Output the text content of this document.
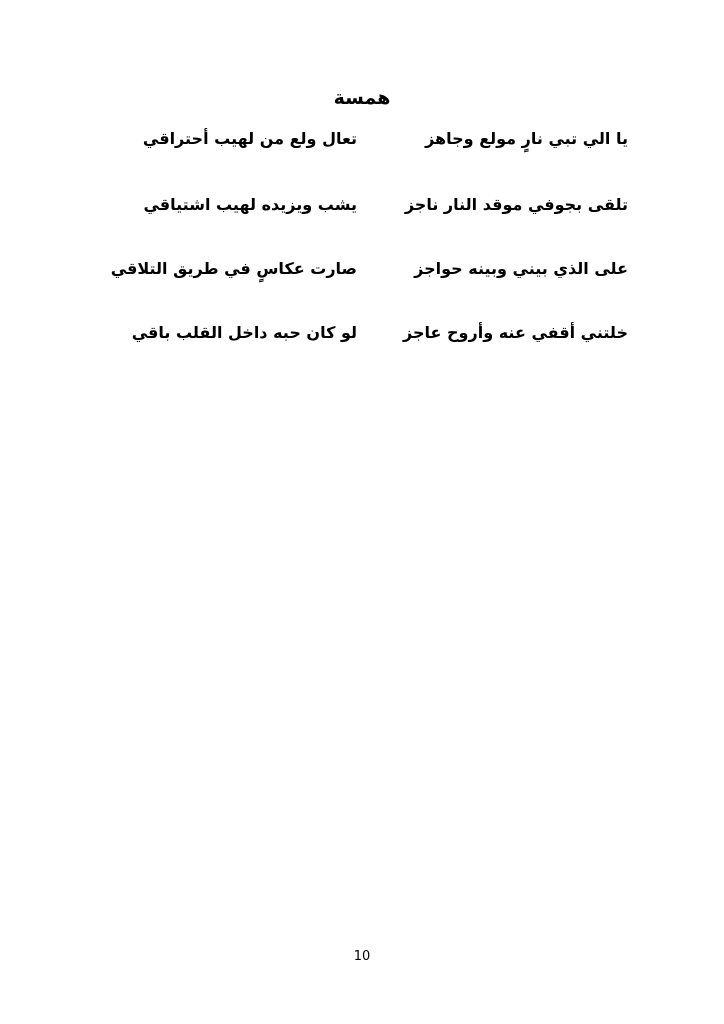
همسة
يا الي تبي نارٍ مولع وجاهز
تعال ولع من لهيب أحتراقي
تلقى بجوفي موقد النار ناجز
يشب ويزيده لهيب اشتياقي
على الذي بيني وبينه حواجز
صارت عكاسٍ في طريق التلاقي
خلتني أقفي عنه وأروح عاجز
لو كان حبه داخل القلب باقي
10
